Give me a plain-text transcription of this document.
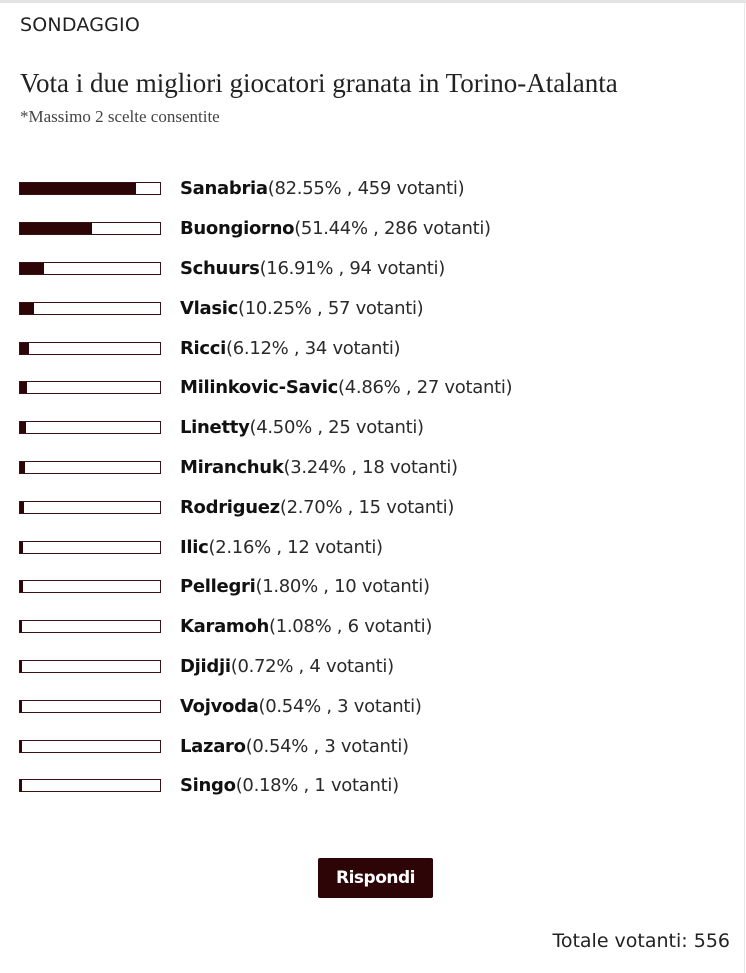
SONDAGGIO
Vota i due migliori giocatori granata in Torino-Atalanta
*Massimo 2 scelte consentite
Sanabria(82.55% , 459 votanti)
Buongiorno(51.44% , 286 votanti)
Schuurs(16.91% , 94 votanti)
Vlasic(10.25% , 57 votanti)
Ricci(6.12% , 34 votanti)
Milinkovic-Savic(4.86% , 27 votanti)
Linetty(4.50% , 25 votanti)
Miranchuk(3.24% , 18 votanti)
Rodriguez(2.70% , 15 votanti)
Ilic(2.16% , 12 votanti)
Pellegri(1.80% , 10 votanti)
Karamoh(1.08% , 6 votanti)
Djidji(0.72% , 4 votanti)
Vojvoda(0.54% , 3 votanti)
Lazaro(0.54% , 3 votanti)
Singo(0.18% , 1 votanti)
Rispondi
Totale votanti: 556
